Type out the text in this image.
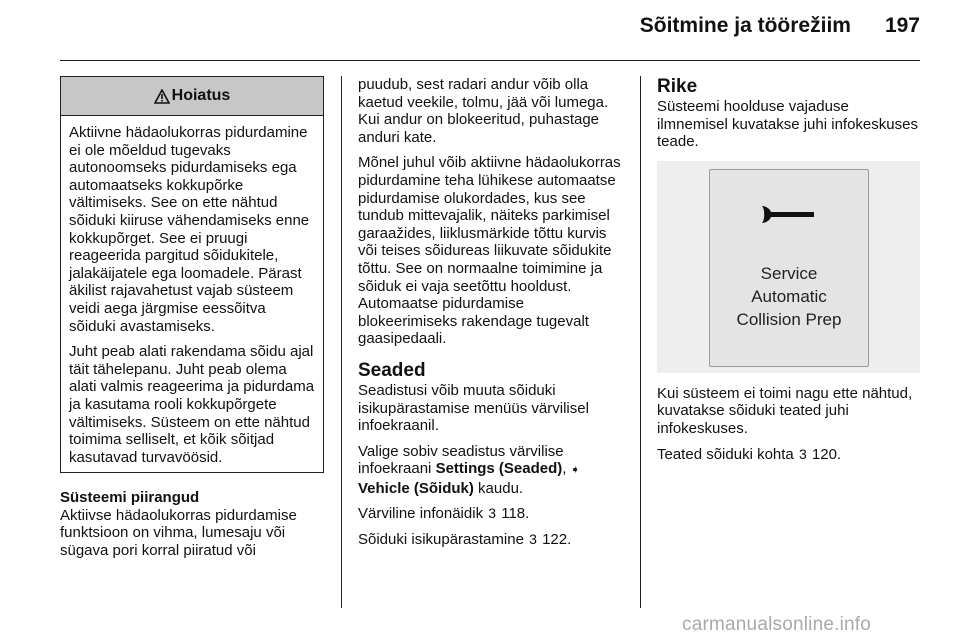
Sõitmine ja töörežiim 197
Hoiatus

Aktiivne hädaolukorras pidurdamine ei ole mõeldud tugevaks autonoomseks pidurdamiseks ega automaatseks kokkupõrke vältimiseks. See on ette nähtud sõiduki kiiruse vähendamiseks enne kokkupõrget. See ei pruugi reageerida pargitud sõidukitele, jalakäijatele ega loomadele. Pärast äkilist rajavahetust vajab süsteem veidi aega järgmise eessõitva sõiduki avastamiseks.

Juht peab alati rakendama sõidu ajal täit tähelepanu. Juht peab olema alati valmis reageerima ja pidurdama ja kasutama rooli kokkupõrgete vältimiseks. Süsteem on ette nähtud toimima selliselt, et kõik sõitjad kasutavad turvavöösid.

Süsteemi piirangud

Aktiivse hädaolukorras pidurdamise funktsioon on vihma, lumesaju või sügava pori korral piiratud või

puudub, sest radari andur võib olla kaetud veekile, tolmu, jää või lumega. Kui andur on blokeeritud, puhastage anduri kate.

Mõnel juhul võib aktiivne hädaolukorras pidurdamine teha lühikese automaatse pidurdamise olukordades, kus see tundub mittevajalik, näiteks parkimisel garaažides, liiklusmärkide tõttu kurvis või teises sõidureas liikuvate sõidukite tõttu. See on normaalne toimimine ja sõiduk ei vaja seetõttu hooldust. Automaatse pidurdamise blokeerimiseks rakendage tugevalt gaasipedaali.

Seaded

Seadistusi võib muuta sõiduki isikupärastamise menüüs värvilisel infoekraanil.

Valige sobiv seadistus värvilise infoekraani Settings (Seaded), ➧ Vehicle (Sõiduk) kaudu.

Värviline infonäidik 3 118.

Sõiduki isikupärastamine 3 122.

Rike

Süsteemi hoolduse vajaduse ilmnemisel kuvatakse juhi infokeskuses teade.

Service
Automatic
Collision Prep

Kui süsteem ei toimi nagu ette nähtud, kuvatakse sõiduki teated juhi infokeskuses.

Teated sõiduki kohta 3 120.

carmanualsonline.info
